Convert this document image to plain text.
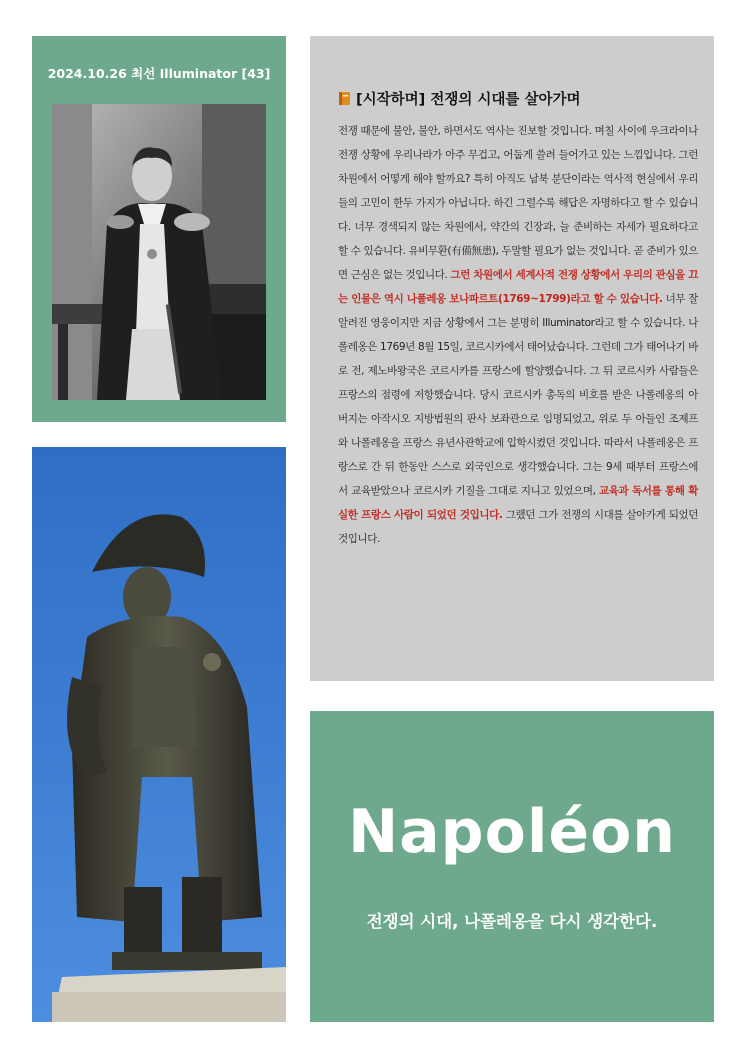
2024.10.26 최선 Illuminator [43]
[시작하며] 전쟁의 시대를 살아가며
전쟁 때문에 불안, 불안, 하면서도 역사는 진보할 것입니다. 며칠 사이에 우크라이나 전쟁 상황에 우리나라가 아주 무겁고, 어둡게 쓸려 들어가고 있는 느낌입니다. 그런 차원에서 어떻게 해야 할까요? 특히 아직도 남북 분단이라는 역사적 현실에서 우리들의 고민이 한두 가지가 아닙니다. 하긴 그럴수록 해답은 자명하다고 할 수 있습니다. 너무 경색되지 않는 차원에서, 약간의 긴장과, 늘 준비하는 자세가 필요하다고 할 수 있습니다. 유비무환(有備無患), 두말할 필요가 없는 것입니다. 곧 준비가 있으면 근심은 없는 것입니다. 그런 차원에서 세계사적 전쟁 상황에서 우리의 관심을 끄는 인물은 역시 나폴레옹 보나파르트(1769~1799)라고 할 수 있습니다. 너무 잘 알려진 영웅이지만 지금 상황에서 그는 분명히 Illuminator라고 할 수 있습니다. 나폴레옹은 1769년 8월 15일, 코르시카에서 태어났습니다. 그런데 그가 태어나기 바로 전, 제노바왕국은 코르시카를 프랑스에 할양했습니다. 그 뒤 코르시카 사람들은 프랑스의 점령에 저항했습니다. 당시 코르시카 총독의 비호를 받은 나폴레옹의 아버지는 아작시오 지방법원의 판사 보좌관으로 임명되었고, 위로 두 아들인 조제프와 나폴레옹을 프랑스 유년사관학교에 입학시켰던 것입니다. 따라서 나폴레옹은 프랑스로 간 뒤 한동안 스스로 외국인으로 생각했습니다. 그는 9세 때부터 프랑스에서 교육받았으나 코르시카 기질을 그대로 지니고 있었으며, 교육과 독서를 통해 확실한 프랑스 사람이 되었던 것입니다. 그랬던 그가 전쟁의 시대를 살아가게 되었던 것입니다.
Napoléon
전쟁의 시대, 나폴레옹을 다시 생각한다.
